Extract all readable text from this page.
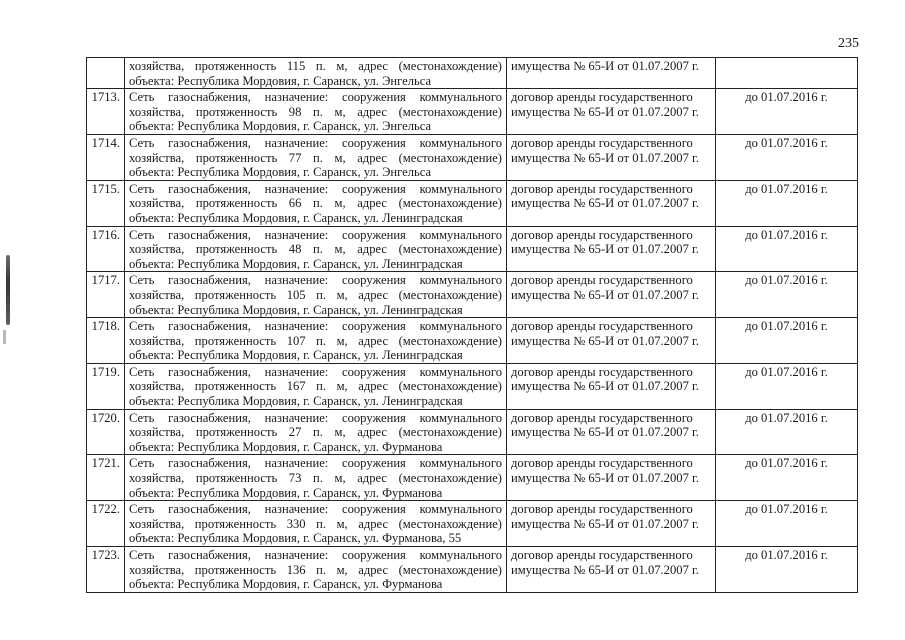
235

	хозяйства, протяженность 115 п. м, адрес (местонахождение)
объекта: Республика Мордовия, г. Саранск, ул. Энгельса	имущества № 65-И от 01.07.2007 г.	

1713.	Сеть газоснабжения, назначение: сооружения коммунального
хозяйства, протяженность 98 п. м, адрес (местонахождение)
объекта: Республика Мордовия, г. Саранск, ул. Энгельса	договор аренды государственного
имущества № 65-И от 01.07.2007 г.	до 01.07.2016 г.
1714.	Сеть газоснабжения, назначение: сооружения коммунального
хозяйства, протяженность 77 п. м, адрес (местонахождение)
объекта: Республика Мордовия, г. Саранск, ул. Энгельса	договор аренды государственного
имущества № 65-И от 01.07.2007 г.	до 01.07.2016 г.
1715.	Сеть газоснабжения, назначение: сооружения коммунального
хозяйства, протяженность 66 п. м, адрес (местонахождение)
объекта: Республика Мордовия, г. Саранск, ул. Ленинградская	договор аренды государственного
имущества № 65-И от 01.07.2007 г.	до 01.07.2016 г.
1716.	Сеть газоснабжения, назначение: сооружения коммунального
хозяйства, протяженность 48 п. м, адрес (местонахождение)
объекта: Республика Мордовия, г. Саранск, ул. Ленинградская	договор аренды государственного
имущества № 65-И от 01.07.2007 г.	до 01.07.2016 г.
1717.	Сеть газоснабжения, назначение: сооружения коммунального
хозяйства, протяженность 105 п. м, адрес (местонахождение)
объекта: Республика Мордовия, г. Саранск, ул. Ленинградская	договор аренды государственного
имущества № 65-И от 01.07.2007 г.	до 01.07.2016 г.
1718.	Сеть газоснабжения, назначение: сооружения коммунального
хозяйства, протяженность 107 п. м, адрес (местонахождение)
объекта: Республика Мордовия, г. Саранск, ул. Ленинградская	договор аренды государственного
имущества № 65-И от 01.07.2007 г.	до 01.07.2016 г.
1719.	Сеть газоснабжения, назначение: сооружения коммунального
хозяйства, протяженность 167 п. м, адрес (местонахождение)
объекта: Республика Мордовия, г. Саранск, ул. Ленинградская	договор аренды государственного
имущества № 65-И от 01.07.2007 г.	до 01.07.2016 г.
1720.	Сеть газоснабжения, назначение: сооружения коммунального
хозяйства, протяженность 27 п. м, адрес (местонахождение)
объекта: Республика Мордовия, г. Саранск, ул. Фурманова	договор аренды государственного
имущества № 65-И от 01.07.2007 г.	до 01.07.2016 г.
1721.	Сеть газоснабжения, назначение: сооружения коммунального
хозяйства, протяженность 73 п. м, адрес (местонахождение)
объекта: Республика Мордовия, г. Саранск, ул. Фурманова	договор аренды государственного
имущества № 65-И от 01.07.2007 г.	до 01.07.2016 г.
1722.	Сеть газоснабжения, назначение: сооружения коммунального
хозяйства, протяженность 330 п. м, адрес (местонахождение)
объекта: Республика Мордовия, г. Саранск, ул. Фурманова, 55	договор аренды государственного
имущества № 65-И от 01.07.2007 г.	до 01.07.2016 г.
1723.	Сеть газоснабжения, назначение: сооружения коммунального
хозяйства, протяженность 136 п. м, адрес (местонахождение)
объекта: Республика Мордовия, г. Саранск, ул. Фурманова	договор аренды государственного
имущества № 65-И от 01.07.2007 г.	до 01.07.2016 г.
